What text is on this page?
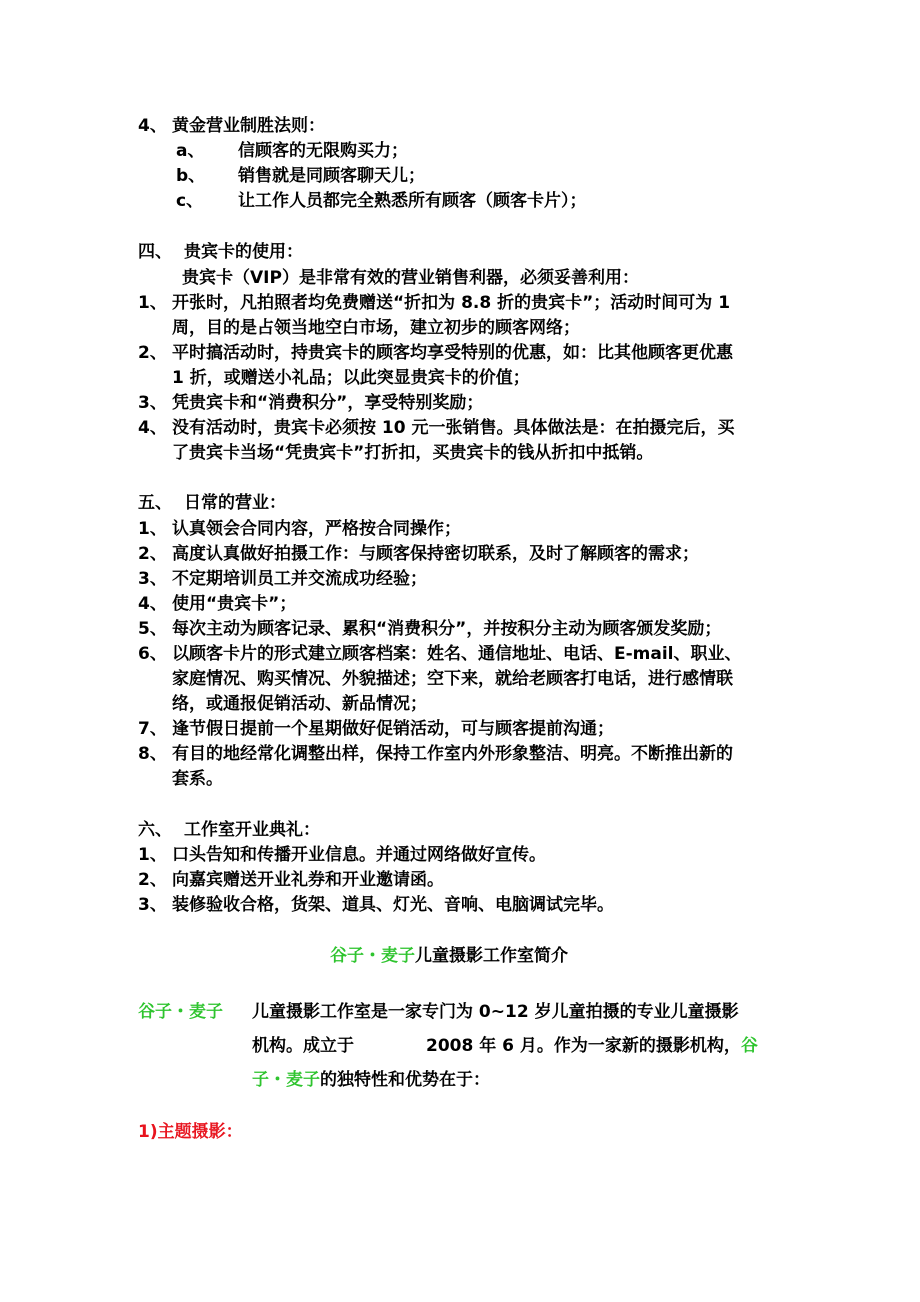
4、 黄金营业制胜法则：
a、 信顾客的无限购买力；
b、 销售就是同顾客聊天儿；
c、 让工作人员都完全熟悉所有顾客（顾客卡片）；
四、 贵宾卡的使用：
贵宾卡（VIP）是非常有效的营业销售利器，必须妥善利用：
1、 开张时，凡拍照者均免费赠送“折扣为 8.8 折的贵宾卡”；活动时间可为 1
周，目的是占领当地空白市场，建立初步的顾客网络；
2、 平时搞活动时，持贵宾卡的顾客均享受特别的优惠，如：比其他顾客更优惠
1 折，或赠送小礼品；以此突显贵宾卡的价值；
3、 凭贵宾卡和“消费积分”，享受特别奖励；
4、 没有活动时，贵宾卡必须按 10 元一张销售。具体做法是：在拍摄完后，买
了贵宾卡当场“凭贵宾卡”打折扣，买贵宾卡的钱从折扣中抵销。
五、 日常的营业：
1、 认真领会合同内容，严格按合同操作；
2、 高度认真做好拍摄工作：与顾客保持密切联系，及时了解顾客的需求；
3、 不定期培训员工并交流成功经验；
4、 使用“贵宾卡”；
5、 每次主动为顾客记录、累积“消费积分”，并按积分主动为顾客颁发奖励；
6、 以顾客卡片的形式建立顾客档案：姓名、通信地址、电话、E-mail、职业、
家庭情况、购买情况、外貌描述；空下来，就给老顾客打电话，进行感情联
络，或通报促销活动、新品情况；
7、 逢节假日提前一个星期做好促销活动，可与顾客提前沟通；
8、 有目的地经常化调整出样，保持工作室内外形象整洁、明亮。不断推出新的
套系。
六、 工作室开业典礼：
1、 口头告知和传播开业信息。并通过网络做好宣传。
2、 向嘉宾赠送开业礼券和开业邀请函。
3、 装修验收合格，货架、道具、灯光、音响、电脑调试完毕。
谷子・麦子儿童摄影工作室简介
谷子・麦子 儿童摄影工作室是一家专门为 0~12 岁儿童拍摄的专业儿童摄影
机构。成立于	2008 年 6 月。作为一家新的摄影机构，谷
子・麦子的独特性和优势在于：
1)主题摄影：
